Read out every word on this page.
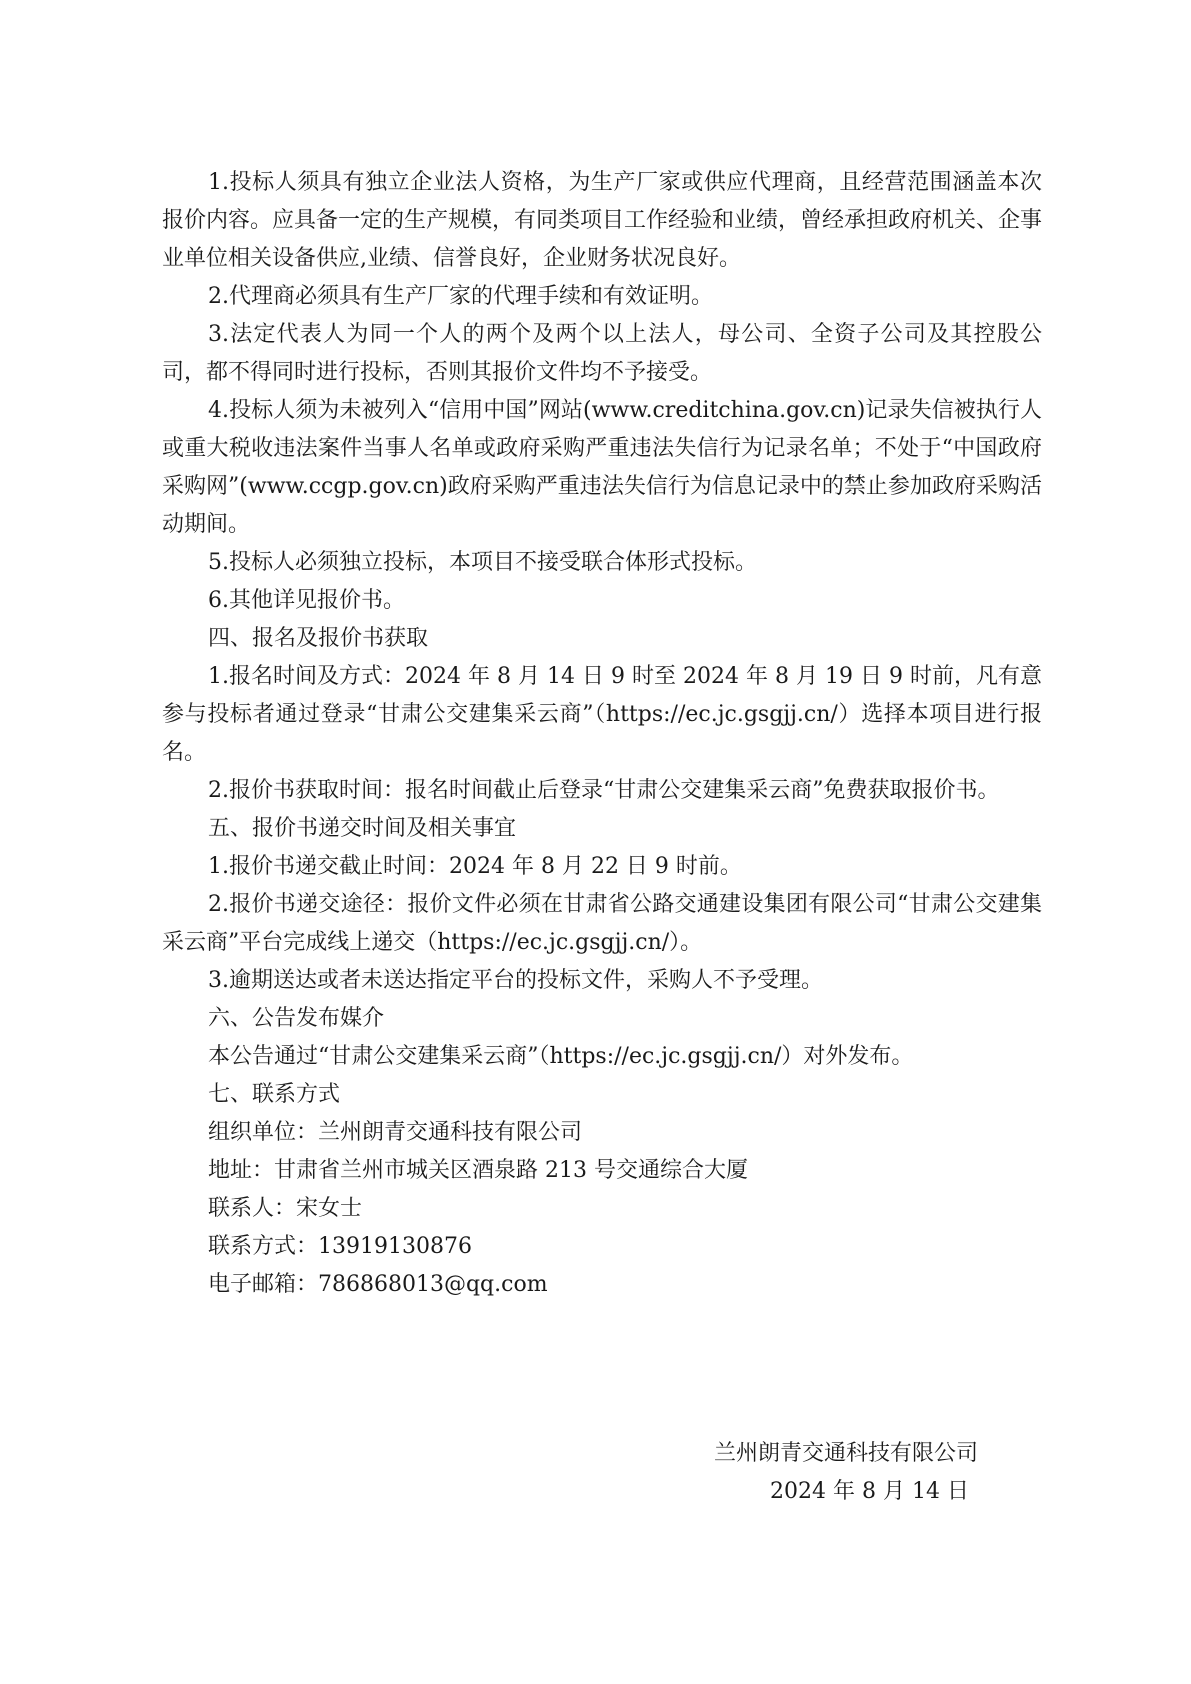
1.投标人须具有独立企业法人资格，为生产厂家或供应代理商，且经营范围涵盖本次报价内容。应具备一定的生产规模，有同类项目工作经验和业绩，曾经承担政府机关、企事业单位相关设备供应,业绩、信誉良好，企业财务状况良好。

2.代理商必须具有生产厂家的代理手续和有效证明。

3.法定代表人为同一个人的两个及两个以上法人，母公司、全资子公司及其控股公司，都不得同时进行投标，否则其报价文件均不予接受。

4.投标人须为未被列入“信用中国”网站(www.creditchina.gov.cn)记录失信被执行人或重大税收违法案件当事人名单或政府采购严重违法失信行为记录名单；不处于“中国政府采购网”(www.ccgp.gov.cn)政府采购严重违法失信行为信息记录中的禁止参加政府采购活动期间。

5.投标人必须独立投标，本项目不接受联合体形式投标。

6.其他详见报价书。

四、报名及报价书获取

1.报名时间及方式：2024 年 8 月 14 日 9 时至 2024 年 8 月 19 日 9 时前，凡有意参与投标者通过登录“甘肃公交建集采云商”（https://ec.jc.gsgjj.cn/）选择本项目进行报名。

2.报价书获取时间：报名时间截止后登录“甘肃公交建集采云商”免费获取报价书。

五、报价书递交时间及相关事宜

1.报价书递交截止时间：2024 年 8 月 22 日 9 时前。

2.报价书递交途径：报价文件必须在甘肃省公路交通建设集团有限公司“甘肃公交建集采云商”平台完成线上递交（https://ec.jc.gsgjj.cn/）。

3.逾期送达或者未送达指定平台的投标文件，采购人不予受理。

六、公告发布媒介

本公告通过“甘肃公交建集采云商”（https://ec.jc.gsgjj.cn/）对外发布。

七、联系方式

组织单位：兰州朗青交通科技有限公司

地址：甘肃省兰州市城关区酒泉路 213 号交通综合大厦

联系人：宋女士

联系方式：13919130876

电子邮箱：786868013@qq.com

兰州朗青交通科技有限公司

2024 年 8 月 14 日
